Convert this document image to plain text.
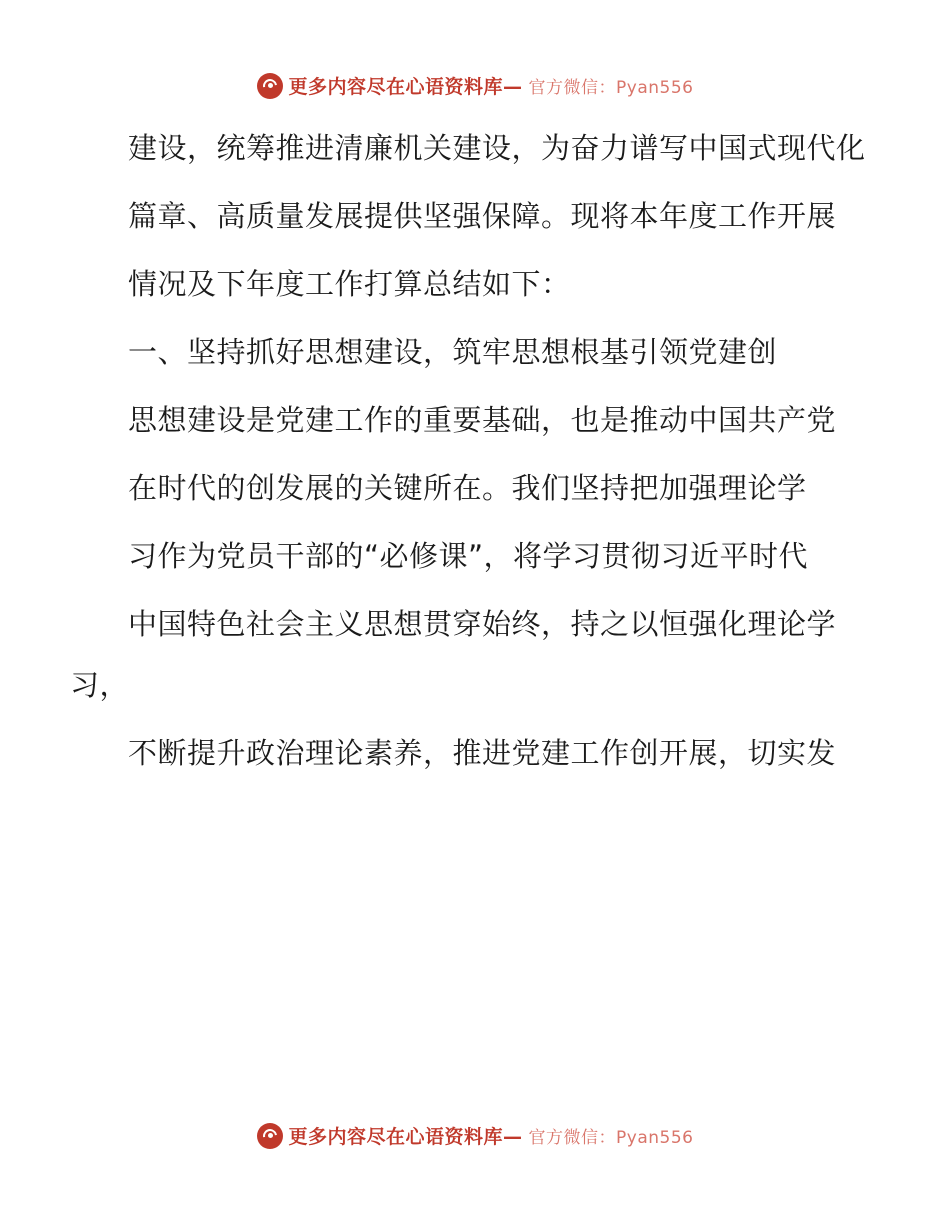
更多内容尽在心语资料库— 官方微信：Pyan556

建设，统筹推进清廉机关建设，为奋力谱写中国式现代化

篇章、高质量发展提供坚强保障。现将本年度工作开展

情况及下年度工作打算总结如下：

一、坚持抓好思想建设，筑牢思想根基引领党建创

思想建设是党建工作的重要基础，也是推动中国共产党

在时代的创发展的关键所在。我们坚持把加强理论学

习作为党员干部的“必修课”，将学习贯彻习近平时代

中国特色社会主义思想贯穿始终，持之以恒强化理论学习，

不断提升政治理论素养，推进党建工作创开展，切实发

更多内容尽在心语资料库— 官方微信：Pyan556
